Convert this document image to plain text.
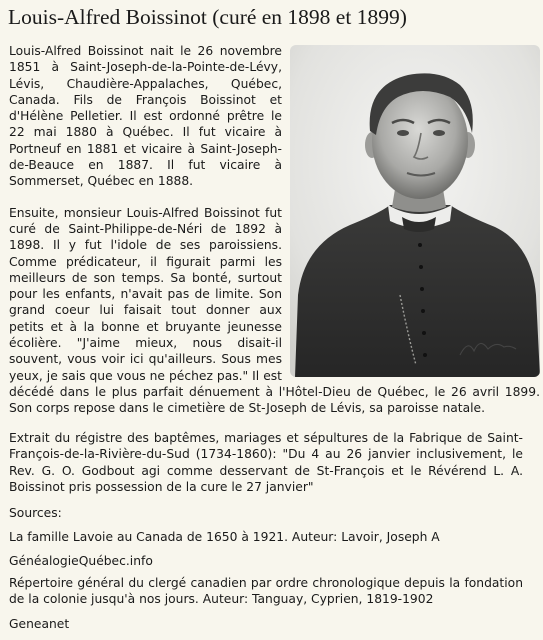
Louis-Alfred Boissinot (curé en 1898 et 1899)

Louis-Alfred Boissinot nait le 26 novembre 1851 à Saint-Joseph-de-la-Pointe-de-Lévy, Lévis, Chaudière-Appalaches, Québec, Canada. Fils de François Boissinot et d'Hélène Pelletier. Il est ordonné prêtre le 22 mai 1880 à Québec. Il fut vicaire à Portneuf en 1881 et vicaire à Saint-Joseph-de-Beauce en 1887. Il fut vicaire à Sommerset, Québec en 1888.

Ensuite, monsieur Louis-Alfred Boissinot fut curé de Saint-Philippe-de-Néri de 1892 à 1898. Il y fut l'idole de ses paroissiens. Comme prédicateur, il figurait parmi les meilleurs de son temps. Sa bonté, surtout pour les enfants, n'avait pas de limite. Son grand coeur lui faisait tout donner aux petits et à la bonne et bruyante jeunesse écolière. "J'aime mieux, nous disait-il souvent, vous voir ici qu'ailleurs. Sous mes yeux, je sais que vous ne péchez pas." Il est décédé dans le plus parfait dénuement à l'Hôtel-Dieu de Québec, le 26 avril 1899. Son corps repose dans le cimetière de St-Joseph de Lévis, sa paroisse natale.

Extrait du régistre des baptêmes, mariages et sépultures de la Fabrique de Saint-François-de-la-Rivière-du-Sud (1734-1860): "Du 4 au 26 janvier inclusivement, le Rev. G. O. Godbout agi comme desservant de St-François et le Révérend L. A. Boissinot pris possession de la cure le 27 janvier"

Sources:

La famille Lavoie au Canada de 1650 à 1921. Auteur: Lavoir, Joseph A

GénéalogieQuébec.info

Répertoire général du clergé canadien par ordre chronologique depuis la fondation de la colonie jusqu'à nos jours. Auteur: Tanguay, Cyprien, 1819-1902

Geneanet
